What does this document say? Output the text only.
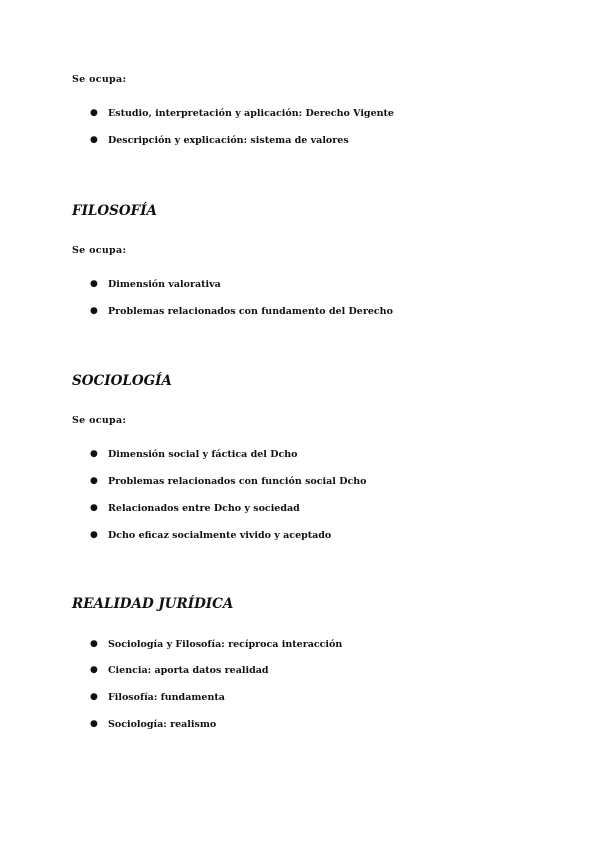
Se ocupa:
●	Estudio, interpretación y aplicación: Derecho Vigente
●	Descripción y explicación: sistema de valores
FILOSOFÍA
Se ocupa:
●	Dimensión valorativa
●	Problemas relacionados con fundamento del Derecho
SOCIOLOGÍA
Se ocupa:
●	Dimensión social y fáctica del Dcho
●	Problemas relacionados con función social Dcho
●	Relacionados entre Dcho y sociedad
●	Dcho eficaz socialmente vivido y aceptado
REALIDAD JURÍDICA
●	Sociología y Filosofía: recíproca interacción
●	Ciencia: aporta datos realidad
●	Filosofía: fundamenta
●	Sociología: realismo
